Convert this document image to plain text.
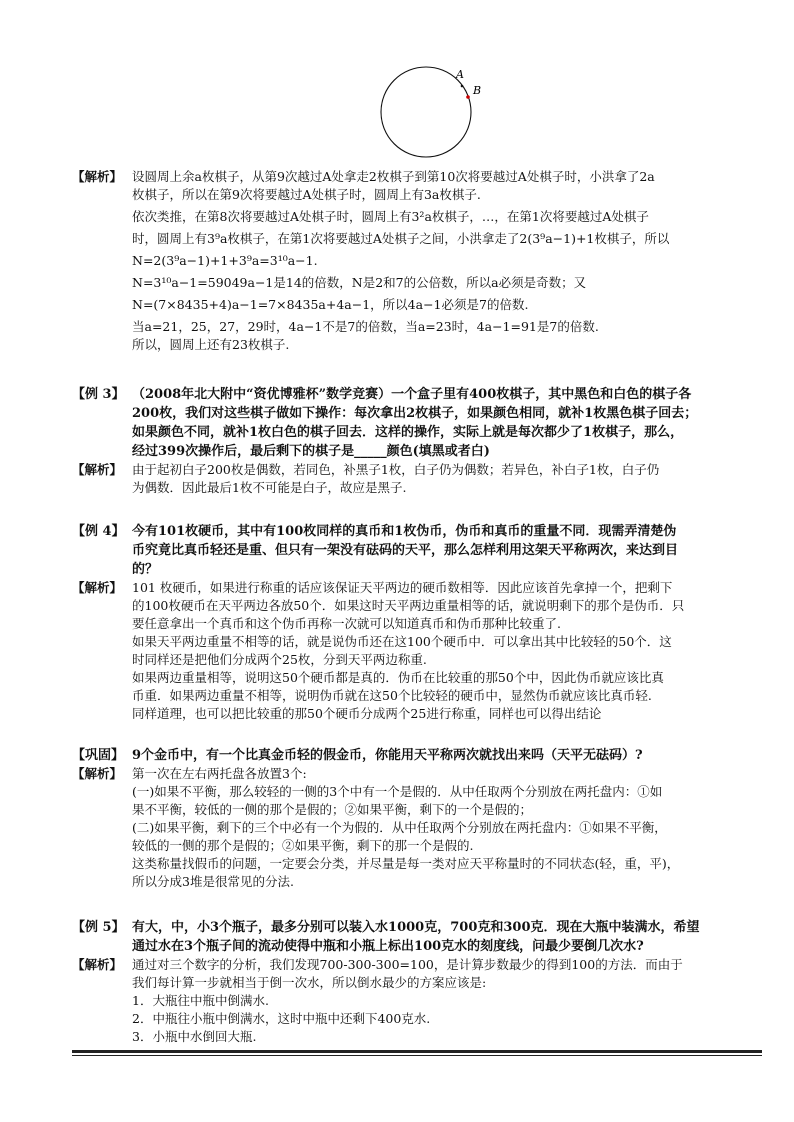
A
B
【解析】 设圆周上余a枚棋子，从第9次越过A处拿走2枚棋子到第10次将要越过A处棋子时，小洪拿了2a
枚棋子，所以在第9次将要越过A处棋子时，圆周上有3a枚棋子.
依次类推，在第8次将要越过A处棋子时，圆周上有3²a枚棋子，…，在第1次将要越过A处棋子
时，圆周上有3⁹a枚棋子，在第1次将要越过A处棋子之间，小洪拿走了2(3⁹a−1)+1枚棋子，所以
N=2(3⁹a−1)+1+3⁹a=3¹⁰a−1.
N=3¹⁰a−1=59049a−1是14的倍数，N是2和7的公倍数，所以a必须是奇数；又
N=(7×8435+4)a−1=7×8435a+4a−1，所以4a−1必须是7的倍数.
当a=21，25，27，29时，4a−1不是7的倍数，当a=23时，4a−1=91是7的倍数.
所以，圆周上还有23枚棋子.
【例 3】 （2008年北大附中“资优博雅杯”数学竞赛）一个盒子里有400枚棋子，其中黑色和白色的棋子各
200枚，我们对这些棋子做如下操作：每次拿出2枚棋子，如果颜色相同，就补1枚黑色棋子回去；
如果颜色不同，就补1枚白色的棋子回去．这样的操作，实际上就是每次都少了1枚棋子，那么，
经过399次操作后，最后剩下的棋子是_____颜色(填黑或者白)
【解析】 由于起初白子200枚是偶数，若同色，补黑子1枚，白子仍为偶数；若异色，补白子1枚，白子仍
为偶数．因此最后1枚不可能是白子，故应是黑子.
【例 4】 今有101枚硬币，其中有100枚同样的真币和1枚伪币，伪币和真币的重量不同．现需弄清楚伪
币究竟比真币轻还是重、但只有一架没有砝码的天平，那么怎样利用这架天平称两次，来达到目
的？
【解析】 101 枚硬币，如果进行称重的话应该保证天平两边的硬币数相等．因此应该首先拿掉一个，把剩下
的100枚硬币在天平两边各放50个．如果这时天平两边重量相等的话，就说明剩下的那个是伪币．只
要任意拿出一个真币和这个伪币再称一次就可以知道真币和伪币那种比较重了.
如果天平两边重量不相等的话，就是说伪币还在这100个硬币中．可以拿出其中比较轻的50个．这
时同样还是把他们分成两个25枚，分到天平两边称重.
如果两边重量相等，说明这50个硬币都是真的．伪币在比较重的那50个中，因此伪币就应该比真
币重．如果两边重量不相等，说明伪币就在这50个比较轻的硬币中，显然伪币就应该比真币轻.
同样道理，也可以把比较重的那50个硬币分成两个25进行称重，同样也可以得出结论
【巩固】 9个金币中，有一个比真金币轻的假金币，你能用天平称两次就找出来吗（天平无砝码）?
【解析】 第一次在左右两托盘各放置3个:
(一)如果不平衡，那么较轻的一侧的3个中有一个是假的．从中任取两个分别放在两托盘内：①如
果不平衡，较低的一侧的那个是假的；②如果平衡，剩下的一个是假的；
(二)如果平衡，剩下的三个中必有一个为假的．从中任取两个分别放在两托盘内：①如果不平衡，
较低的一侧的那个是假的；②如果平衡，剩下的那一个是假的.
这类称量找假币的问题，一定要会分类，并尽量是每一类对应天平称量时的不同状态(轻，重，平)，
所以分成3堆是很常见的分法.
【例 5】 有大，中，小3个瓶子，最多分别可以装入水1000克，700克和300克．现在大瓶中装满水，希望
通过水在3个瓶子间的流动使得中瓶和小瓶上标出100克水的刻度线，问最少要倒几次水?
【解析】 通过对三个数字的分析，我们发现700-300-300=100，是计算步数最少的得到100的方法．而由于
我们每计算一步就相当于倒一次水，所以倒水最少的方案应该是:
1．大瓶往中瓶中倒满水.
2．中瓶往小瓶中倒满水，这时中瓶中还剩下400克水.
3．小瓶中水倒回大瓶.
